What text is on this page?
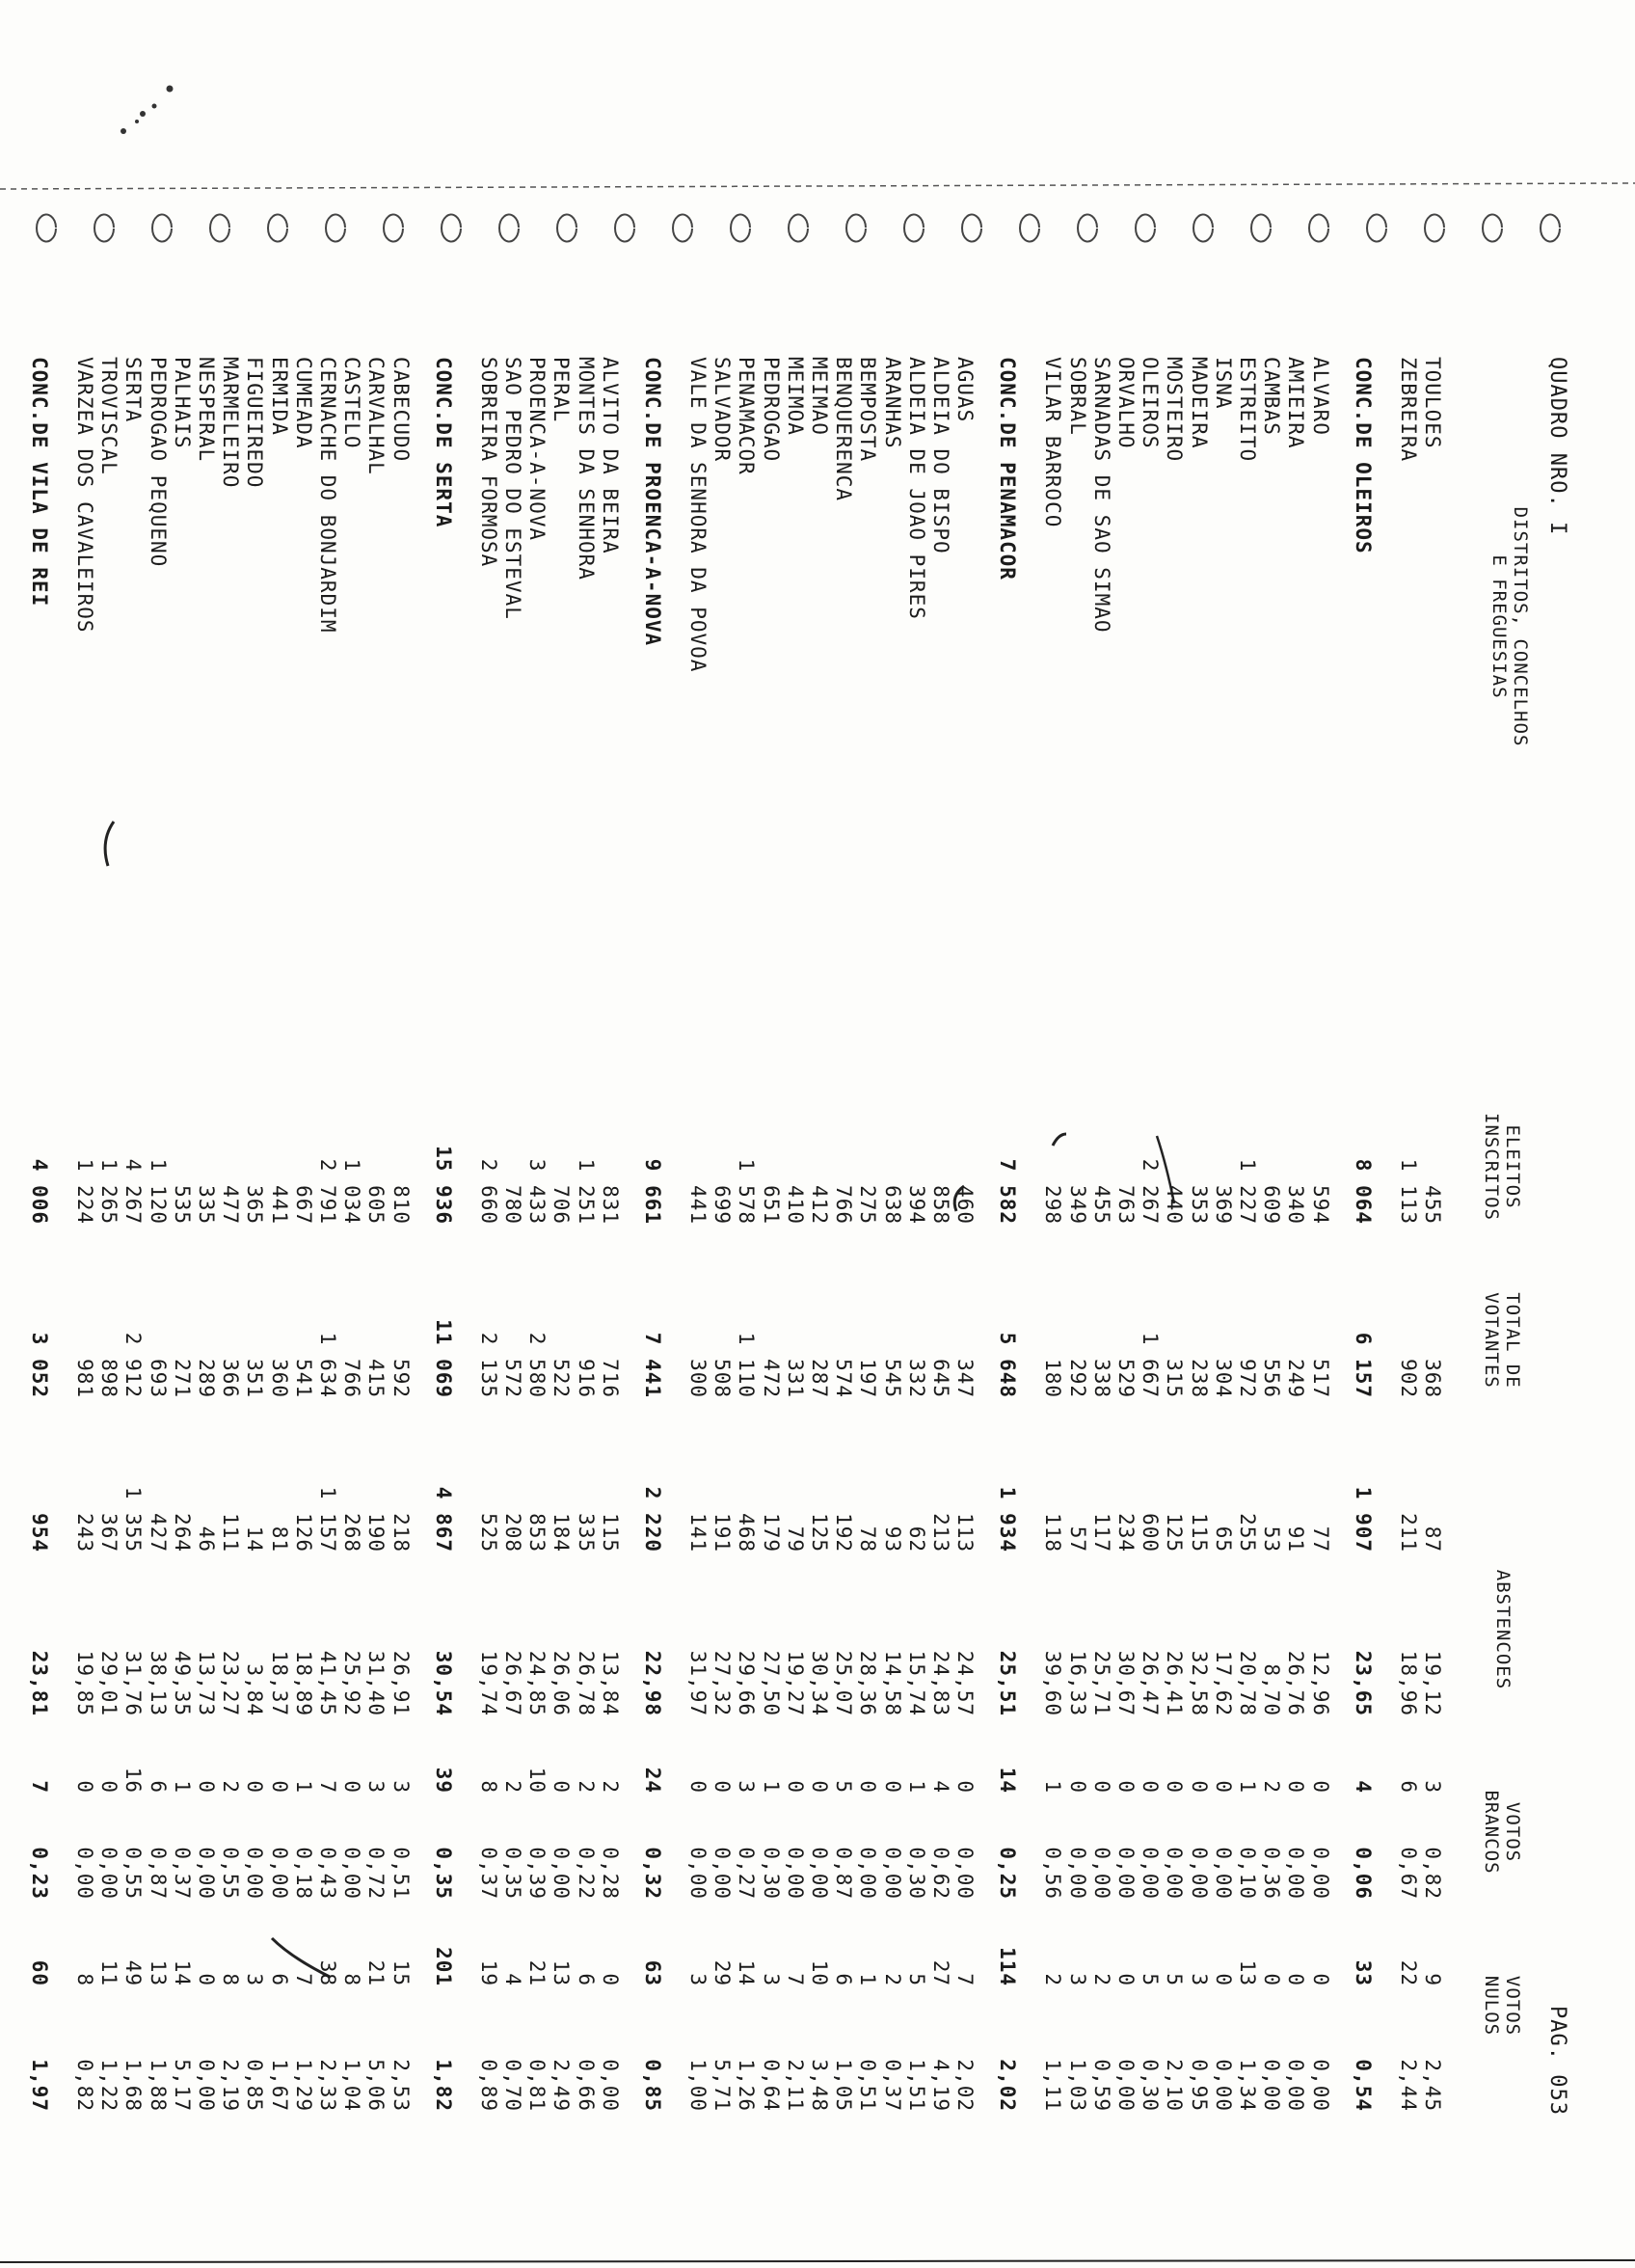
QUADRO NRO. I
PAG. 053
DISTRITOS, CONCELHOS
E FREGUESIAS
ELEITOS
INSCRITOS
TOTAL DE
VOTANTES
ABSTENCOES
VOTOS
BRANCOS
VOTOS
NULOS
TOULOES
455
368
87
19,12
3
0,82
9
2,45
ZEBREIRA
1 113
902
211
18,96
6
0,67
22
2,44
CONC.DE OLEIROS
8 064
6 157
1 907
23,65
4
0,06
33
0,54
ALVARO
594
517
77
12,96
0
0,00
0
0,00
AMIEIRA
340
249
91
26,76
0
0,00
0
0,00
CAMBAS
609
556
53
8,70
2
0,36
0
0,00
ESTREITO
1 227
972
255
20,78
1
0,10
13
1,34
ISNA
369
304
65
17,62
0
0,00
0
0,00
MADEIRA
353
238
115
32,58
0
0,00
3
0,95
MOSTEIRO
440
315
125
26,41
0
0,00
5
2,10
OLEIROS
2 267
1 667
600
26,47
0
0,00
5
0,30
ORVALHO
763
529
234
30,67
0
0,00
0
0,00
SARNADAS DE SAO SIMAO
455
338
117
25,71
0
0,00
2
0,59
SOBRAL
349
292
57
16,33
0
0,00
3
1,03
VILAR BARROCO
298
180
118
39,60
1
0,56
2
1,11
CONC.DE PENAMACOR
7 582
5 648
1 934
25,51
14
0,25
114
2,02
AGUAS
460
347
113
24,57
0
0,00
7
2,02
ALDEIA DO BISPO
858
645
213
24,83
4
0,62
27
4,19
ALDEIA DE JOAO PIRES
394
332
62
15,74
1
0,30
5
1,51
ARANHAS
638
545
93
14,58
0
0,00
2
0,37
BEMPOSTA
275
197
78
28,36
0
0,00
1
0,51
BENQUERENCA
766
574
192
25,07
5
0,87
6
1,05
MEIMAO
412
287
125
30,34
0
0,00
10
3,48
MEIMOA
410
331
79
19,27
0
0,00
7
2,11
PEDROGAO
651
472
179
27,50
1
0,30
3
0,64
PENAMACOR
1 578
1 110
468
29,66
3
0,27
14
1,26
SALVADOR
699
508
191
27,32
0
0,00
29
5,71
VALE DA SENHORA DA POVOA
441
300
141
31,97
0
0,00
3
1,00
CONC.DE PROENCA-A-NOVA
9 661
7 441
2 220
22,98
24
0,32
63
0,85
ALVITO DA BEIRA
831
716
115
13,84
2
0,28
0
0,00
MONTES DA SENHORA
1 251
916
335
26,78
2
0,22
6
0,66
PERAL
706
522
184
26,06
0
0,00
13
2,49
PROENCA-A-NOVA
3 433
2 580
853
24,85
10
0,39
21
0,81
SAO PEDRO DO ESTEVAL
780
572
208
26,67
2
0,35
4
0,70
SOBREIRA FORMOSA
2 660
2 135
525
19,74
8
0,37
19
0,89
CONC.DE SERTA
15 936
11 069
4 867
30,54
39
0,35
201
1,82
CABECUDO
810
592
218
26,91
3
0,51
15
2,53
CARVALHAL
605
415
190
31,40
3
0,72
21
5,06
CASTELO
1 034
766
268
25,92
0
0,00
8
1,04
CERNACHE DO BONJARDIM
2 791
1 634
1 157
41,45
7
0,43
38
2,33
CUMEADA
667
541
126
18,89
1
0,18
7
1,29
ERMIDA
441
360
81
18,37
0
0,00
6
1,67
FIGUEIREDO
365
351
14
3,84
0
0,00
3
0,85
MARMELEIRO
477
366
111
23,27
2
0,55
8
2,19
NESPERAL
335
289
46
13,73
0
0,00
0
0,00
PALHAIS
535
271
264
49,35
1
0,37
14
5,17
PEDROGAO PEQUENO
1 120
693
427
38,13
6
0,87
13
1,88
SERTA
4 267
2 912
1 355
31,76
16
0,55
49
1,68
TROVISCAL
1 265
898
367
29,01
0
0,00
11
1,22
VARZEA DOS CAVALEIROS
1 224
981
243
19,85
0
0,00
8
0,82
CONC.DE VILA DE REI
4 006
3 052
954
23,81
7
0,23
60
1,97
